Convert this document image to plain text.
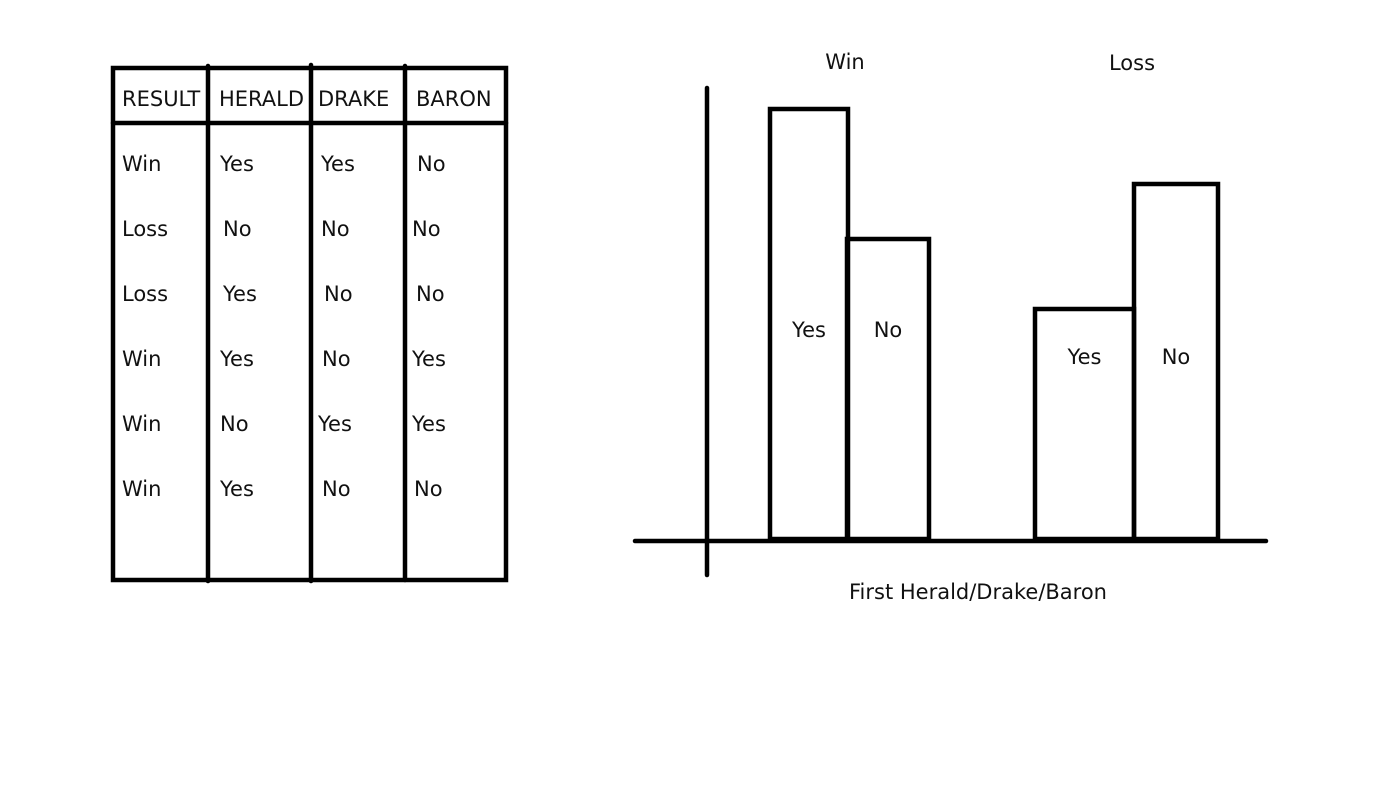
RESULT HERALD DRAKE BARON
Win	Yes	Yes	No
Loss	No	No	No
Loss	Yes	No	No
Win	Yes	No	Yes
Win	No	Yes	Yes
Win	Yes	No	No
Win	Loss
First Herald/Drake/Baron
Yes No
Yes	No
